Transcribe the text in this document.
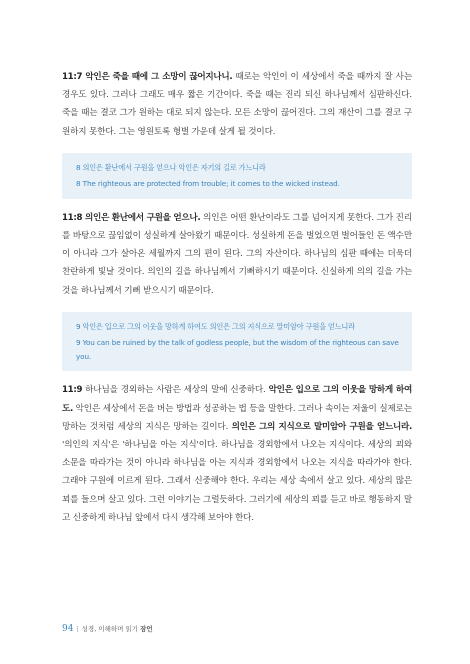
11:7 악인은 죽을 때에 그 소망이 끊어지나니. 때로는 악인이 이 세상에서 죽을 때까지 잘 사는 경우도 있다. 그러나 그래도 매우 짧은 기간이다. 죽을 때는 진리 되신 하나님께서 심판하신다. 죽을 때는 결코 그가 원하는 대로 되지 않는다. 모든 소망이 끊어진다. 그의 재산이 그를 결코 구원하지 못한다. 그는 영원토록 형벌 가운데 살게 될 것이다.

8 의인은 환난에서 구원을 얻으나 악인은 자기의 길로 가느니라

8 The righteous are protected from trouble; it comes to the wicked instead.

11:8 의인은 환난에서 구원을 얻으나. 의인은 어떤 환난이라도 그를 넘어지게 못한다. 그가 진리를 바탕으로 끊임없이 성실하게 살아왔기 때문이다. 성실하게 돈을 벌었으면 벌어들인 돈 액수만이 아니라 그가 살아온 세월까지 그의 편이 된다. 그의 자산이다. 하나님의 심판 때에는 더욱더 찬란하게 빛날 것이다. 의인의 길을 하나님께서 기뻐하시기 때문이다. 신실하게 의의 길을 가는 것을 하나님께서 기뻐 받으시기 때문이다.

9 악인은 입으로 그의 이웃을 망하게 하여도 의인은 그의 지식으로 말미암아 구원을 얻느니라

9 You can be ruined by the talk of godless people, but the wisdom of the righteous can save you.

11:9 하나님을 경외하는 사람은 세상의 말에 신중하다. 악인은 입으로 그의 이웃을 망하게 하여도. 악인은 세상에서 돈을 버는 방법과 성공하는 법 등을 말한다. 그러나 속이는 저울이 실제로는 망하는 것처럼 세상의 지식은 망하는 길이다. 의인은 그의 지식으로 말미암아 구원을 얻느니라. '의인의 지식'은 '하나님을 아는 지식'이다. 하나님을 경외함에서 나오는 지식이다. 세상의 꾀와 소문을 따라가는 것이 아니라 하나님을 아는 지식과 경외함에서 나오는 지식을 따라가야 한다. 그래야 구원에 이르게 된다. 그래서 신중해야 한다. 우리는 세상 속에서 살고 있다. 세상의 많은 꾀를 들으며 살고 있다. 그런 이야기는 그럴듯하다. 그러기에 세상의 꾀를 듣고 바로 행동하지 말고 신중하게 하나님 앞에서 다시 생각해 보아야 한다.

94 | 성경, 이해하며 읽기 잠언
